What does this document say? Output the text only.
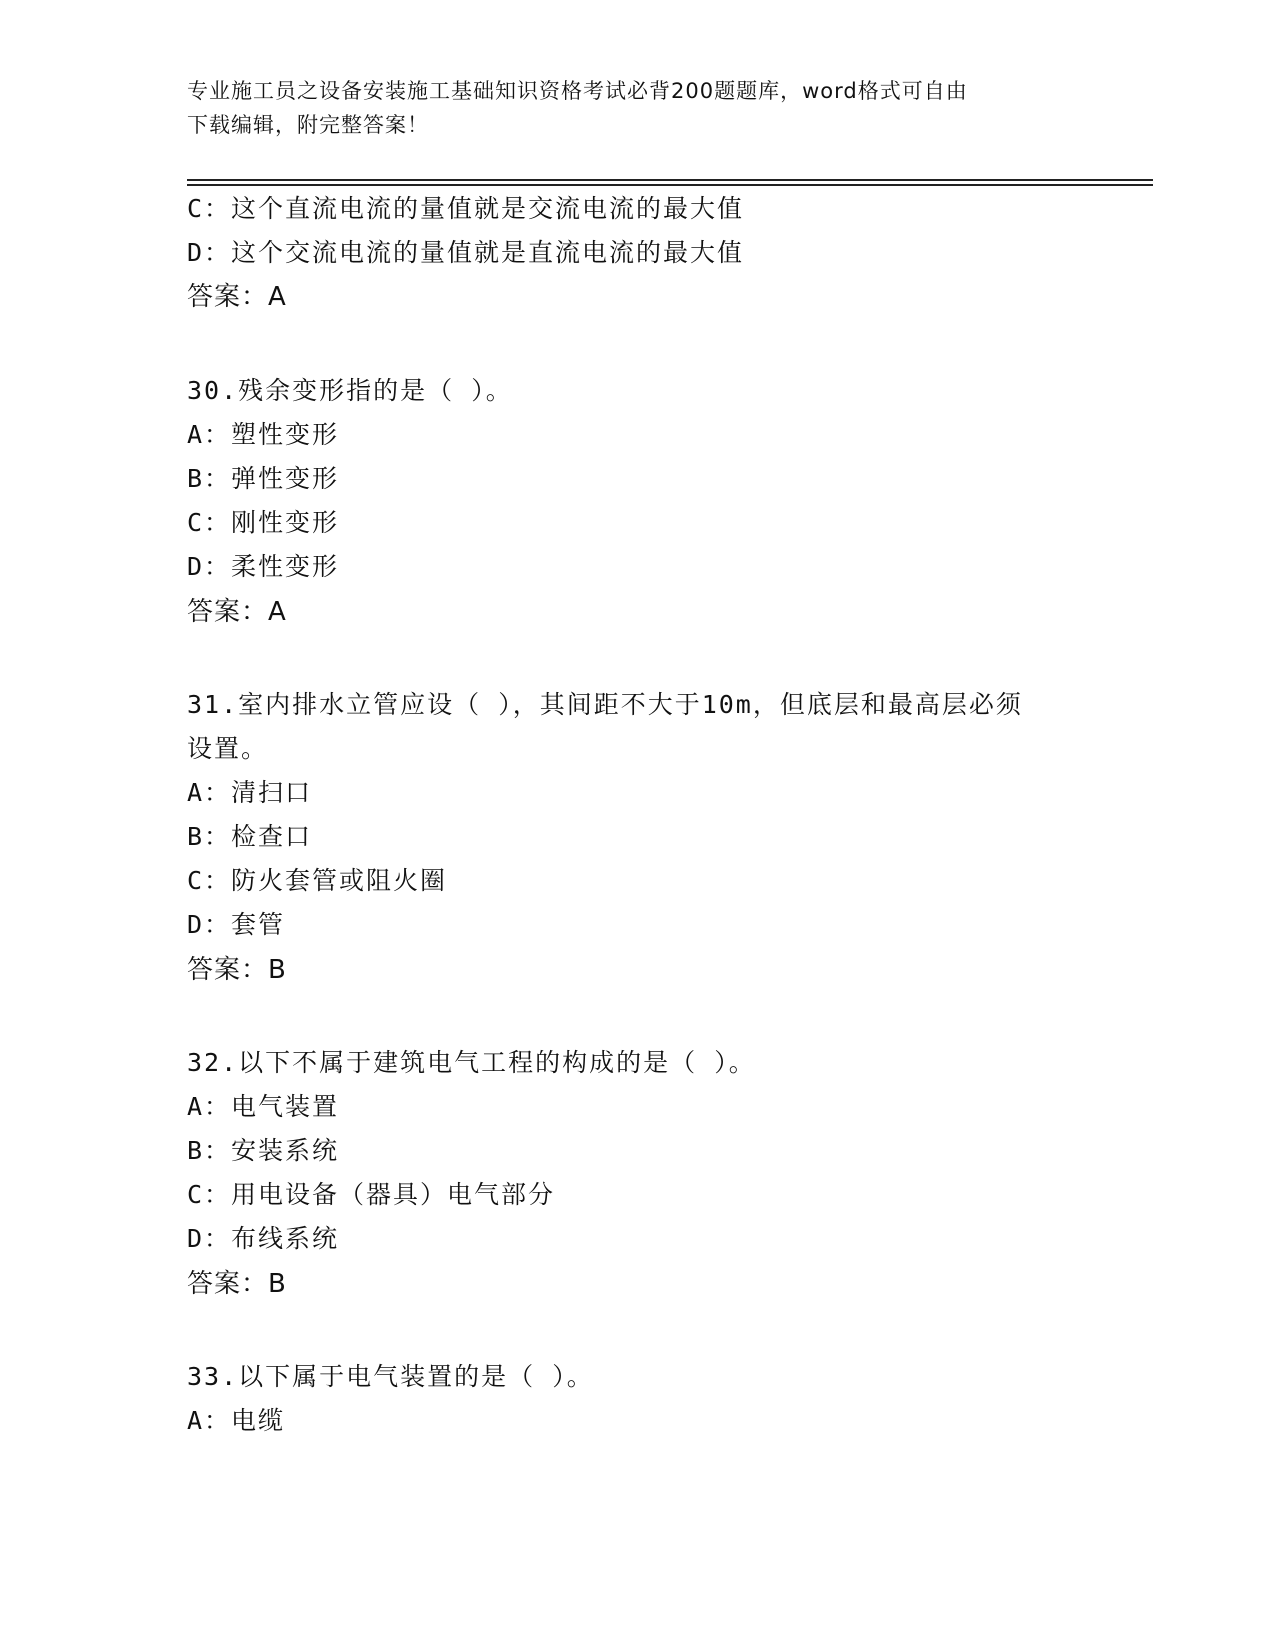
专业施工员之设备安装施工基础知识资格考试必背200题题库，word格式可自由
下载编辑，附完整答案！
C：这个直流电流的量值就是交流电流的最大值
D：这个交流电流的量值就是直流电流的最大值
答案：A
30.残余变形指的是（ ）。
A：塑性变形
B：弹性变形
C：刚性变形
D：柔性变形
答案：A
31.室内排水立管应设（ ），其间距不大于10m，但底层和最高层必须
设置。
A：清扫口
B：检查口
C：防火套管或阻火圈
D：套管
答案：B
32.以下不属于建筑电气工程的构成的是（ ）。
A：电气装置
B：安装系统
C：用电设备（器具）电气部分
D：布线系统
答案：B
33.以下属于电气装置的是（ ）。
A：电缆
